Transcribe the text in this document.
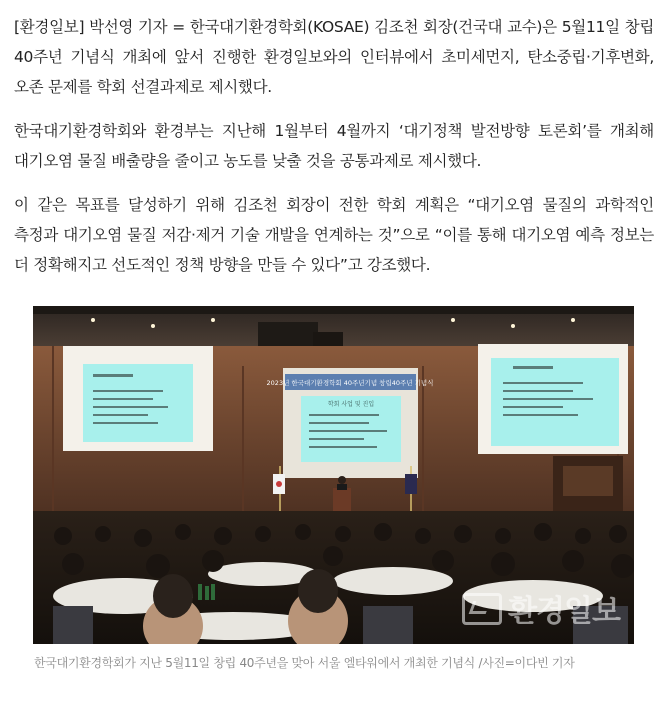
[환경일보] 박선영 기자 = 한국대기환경학회(KOSAE) 김조천 회장(건국대 교수)은 5월11일 창립 40주년 기념식 개최에 앞서 진행한 환경일보와의 인터뷰에서 초미세먼지, 탄소중립·기후변화, 오존 문제를 학회 선결과제로 제시했다.

한국대기환경학회와 환경부는 지난해 1월부터 4월까지 ‘대기정책 발전방향 토론회’를 개최해 대기오염 물질 배출량을 줄이고 농도를 낮출 것을 공통과제로 제시했다.

이 같은 목표를 달성하기 위해 김조천 회장이 전한 학회 계획은 “대기오염 물질의 과학적인 측정과 대기오염 물질 저감·제거 기술 개발을 연계하는 것”으로 “이를 통해 대기오염 예측 정보는 더 정확해지고 선도적인 정책 방향을 만들 수 있다”고 강조했다.

2023년 한국대기환경학회 40주년기념 창립40주년 기념식
학회 사업 및 진입
환경일보
한국대기환경학회가 지난 5월11일 창립 40주년을 맞아 서울 엘타워에서 개최한 기념식 /사진=이다빈 기자
